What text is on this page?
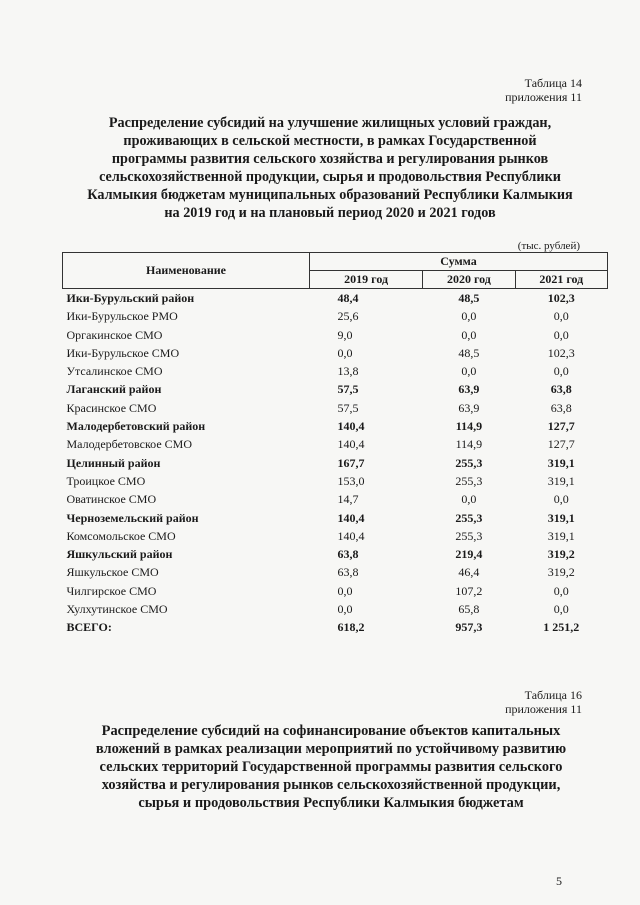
Таблица 14
приложения 11
Распределение субсидий на улучшение жилищных условий граждан,
проживающих в сельской местности, в рамках Государственной
программы развития сельского хозяйства и регулирования рынков
сельскохозяйственной продукции, сырья и продовольствия Республики
Калмыкия бюджетам муниципальных образований Республики Калмыкия
на 2019 год и на плановый период 2020 и 2021 годов
(тыс. рублей)
Наименование	Сумма		
	2019 год	2020 год	2021 год
Ики-Бурульский район	48,4	48,5	102,3
Ики-Бурульское РМО	25,6	0,0	0,0
Оргакинское СМО	9,0	0,0	0,0
Ики-Бурульское СМО	0,0	48,5	102,3
Утсалинское СМО	13,8	0,0	0,0
Лаганский район	57,5	63,9	63,8
Красинское СМО	57,5	63,9	63,8
Малодербетовский район	140,4	114,9	127,7
Малодербетовское СМО	140,4	114,9	127,7
Целинный район	167,7	255,3	319,1
Троицкое СМО	153,0	255,3	319,1
Оватинское СМО	14,7	0,0	0,0
Черноземельский район	140,4	255,3	319,1
Комсомольское СМО	140,4	255,3	319,1
Яшкульский район	63,8	219,4	319,2
Яшкульское СМО	63,8	46,4	319,2
Чилгирское СМО	0,0	107,2	0,0
Хулхутинское СМО	0,0	65,8	0,0
ВСЕГО:	618,2	957,3	1 251,2
Таблица 16
приложения 11
Распределение субсидий на софинансирование объектов капитальных
вложений в рамках реализации мероприятий по устойчивому развитию
сельских территорий Государственной программы развития сельского
хозяйства и регулирования рынков сельскохозяйственной продукции,
сырья и продовольствия Республики Калмыкия бюджетам
5
